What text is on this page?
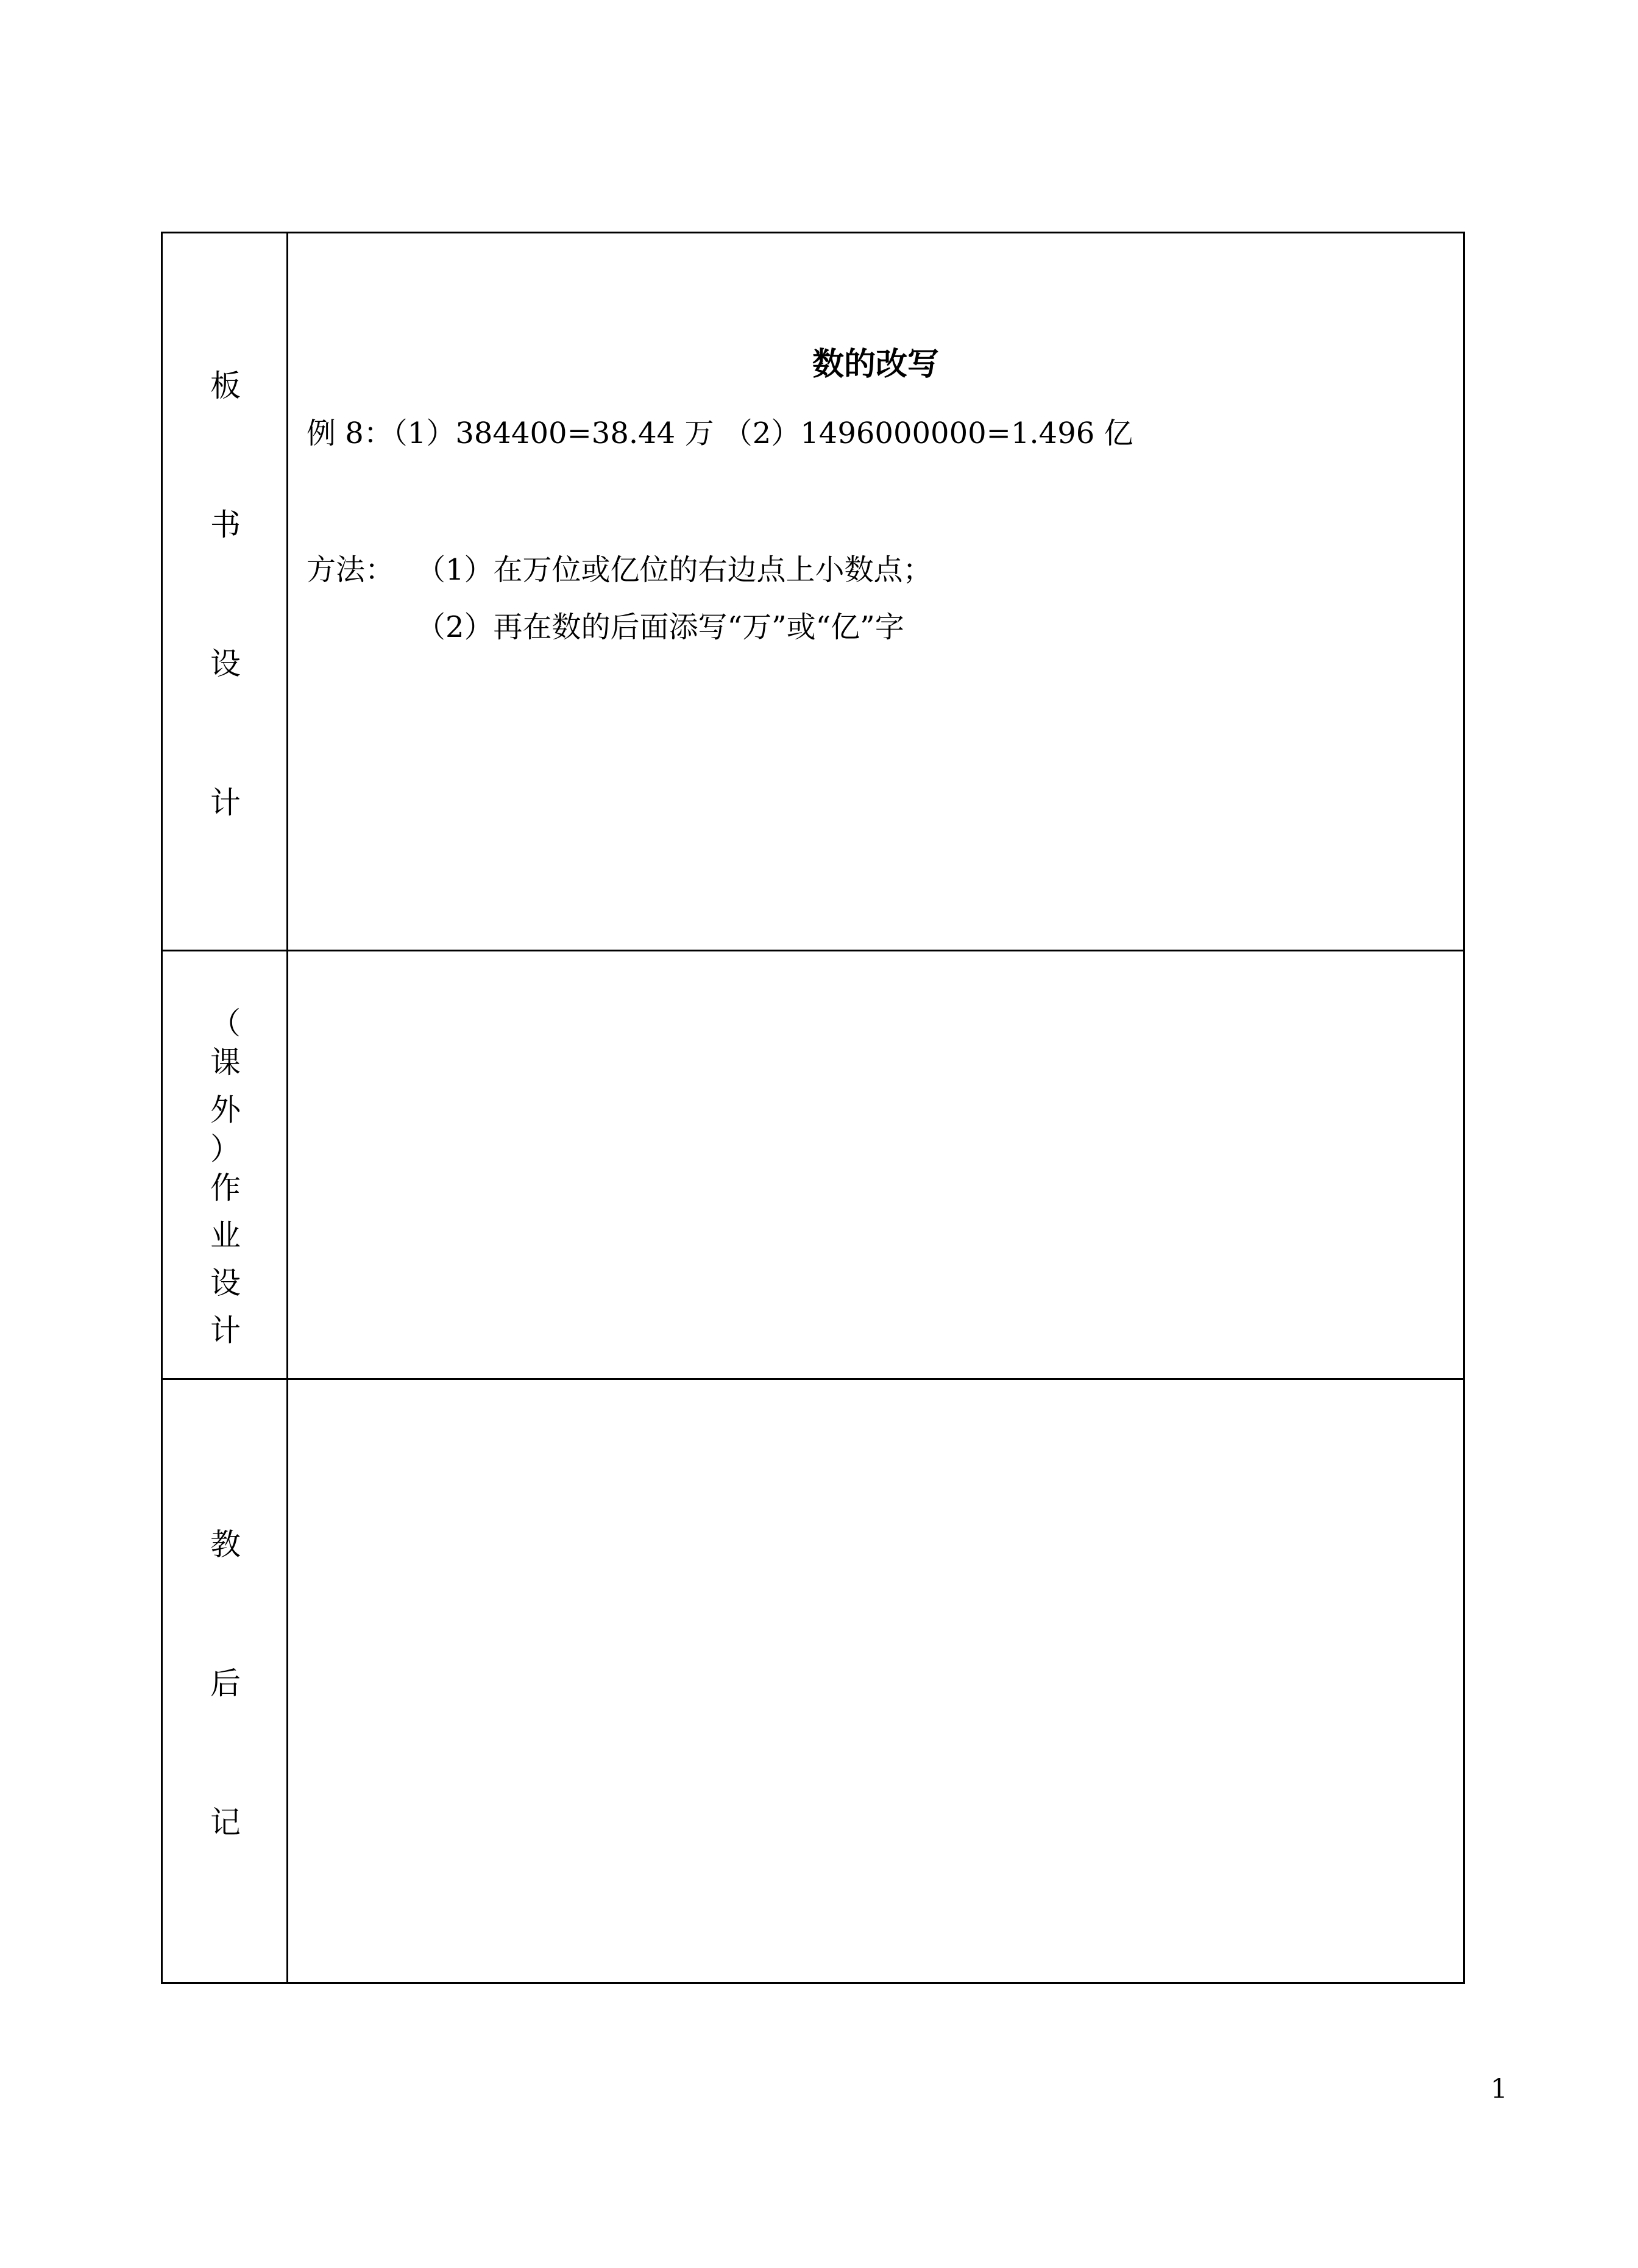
板
书
设
计
数的改写
例 8：（1）384400=38.44 万 （2）1496000000=1.496 亿
方法： （1）在万位或亿位的右边点上小数点；
（2）再在数的后面添写“万”或“亿”字
（
课
外
）
作
业
设
计
教
后
记
1
